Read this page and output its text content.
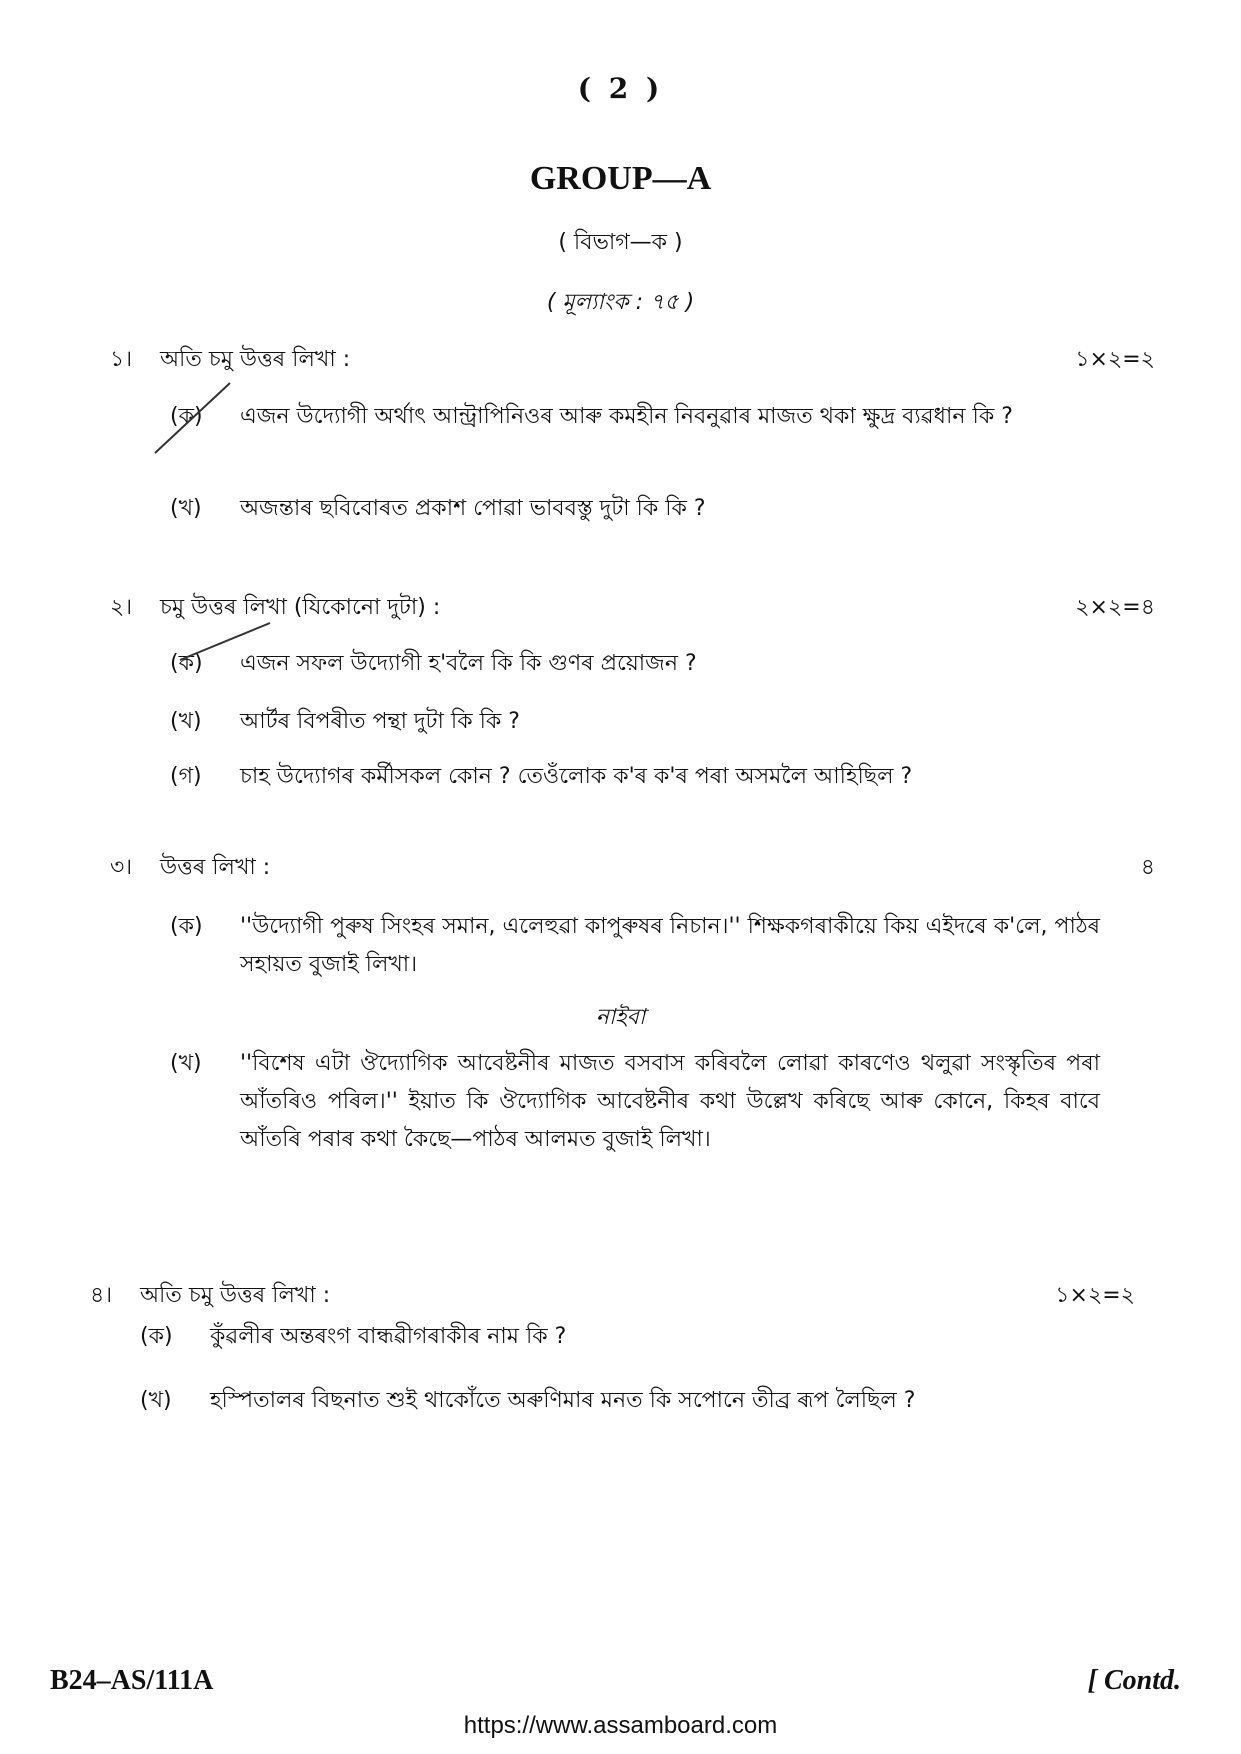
( 2 )
GROUP—A
( বিভাগ—ক )
( মূল্যাংক : ৭৫ )
১।	অতি চমু উত্তৰ লিখা :	১×২=২
(ক)	এজন উদ্যোগী অর্থাৎ আন্ট্রাপিনিওৰ আৰু কমহীন নিবনুৱাৰ মাজত থকা ক্ষুদ্ৰ ব্যৱধান কি ?
(খ)	অজন্তাৰ ছবিবোৰত প্ৰকাশ পোৱা ভাববস্তু দুটা কি কি ?
২।	চমু উত্তৰ লিখা (যিকোনো দুটা) :	২×২=৪
(ক)	এজন সফল উদ্যোগী হ'বলৈ কি কি গুণৰ প্ৰয়োজন ?
(খ)	আৰ্টৰ বিপৰীত পন্থা দুটা কি কি ?
(গ)	চাহ উদ্যোগৰ কৰ্মীসকল কোন ? তেওঁলোক ক'ৰ ক'ৰ পৰা অসমলৈ আহিছিল ?
৩।	উত্তৰ লিখা :	৪
(ক)	''উদ্যোগী পুৰুষ সিংহৰ সমান, এলেহুৱা কাপুৰুষৰ নিচান।'' শিক্ষকগৰাকীয়ে কিয় এইদৰে ক'লে, পাঠৰ সহায়ত বুজাই লিখা।
নাইবা
(খ)	''বিশেষ এটা ঔদ্যোগিক আবেষ্টনীৰ মাজত বসবাস কৰিবলৈ লোৱা কাৰণেও থলুৱা সংস্কৃতিৰ পৰা আঁতৰিও পৰিল।'' ইয়াত কি ঔদ্যোগিক আবেষ্টনীৰ কথা উল্লেখ কৰিছে আৰু কোনে, কিহৰ বাবে আঁতৰি পৰাৰ কথা কৈছে—পাঠৰ আলমত বুজাই লিখা।
৪।	অতি চমু উত্তৰ লিখা :	১×২=২
(ক)	কুঁৱলীৰ অন্তৰংগ বান্ধৱীগৰাকীৰ নাম কি ?
(খ)	হস্পিতালৰ বিছনাত শুই থাকোঁতে অৰুণিমাৰ মনত কি সপোনে তীব্ৰ ৰূপ লৈছিল ?
B24–AS/111A	[ Contd.
https://www.assamboard.com
